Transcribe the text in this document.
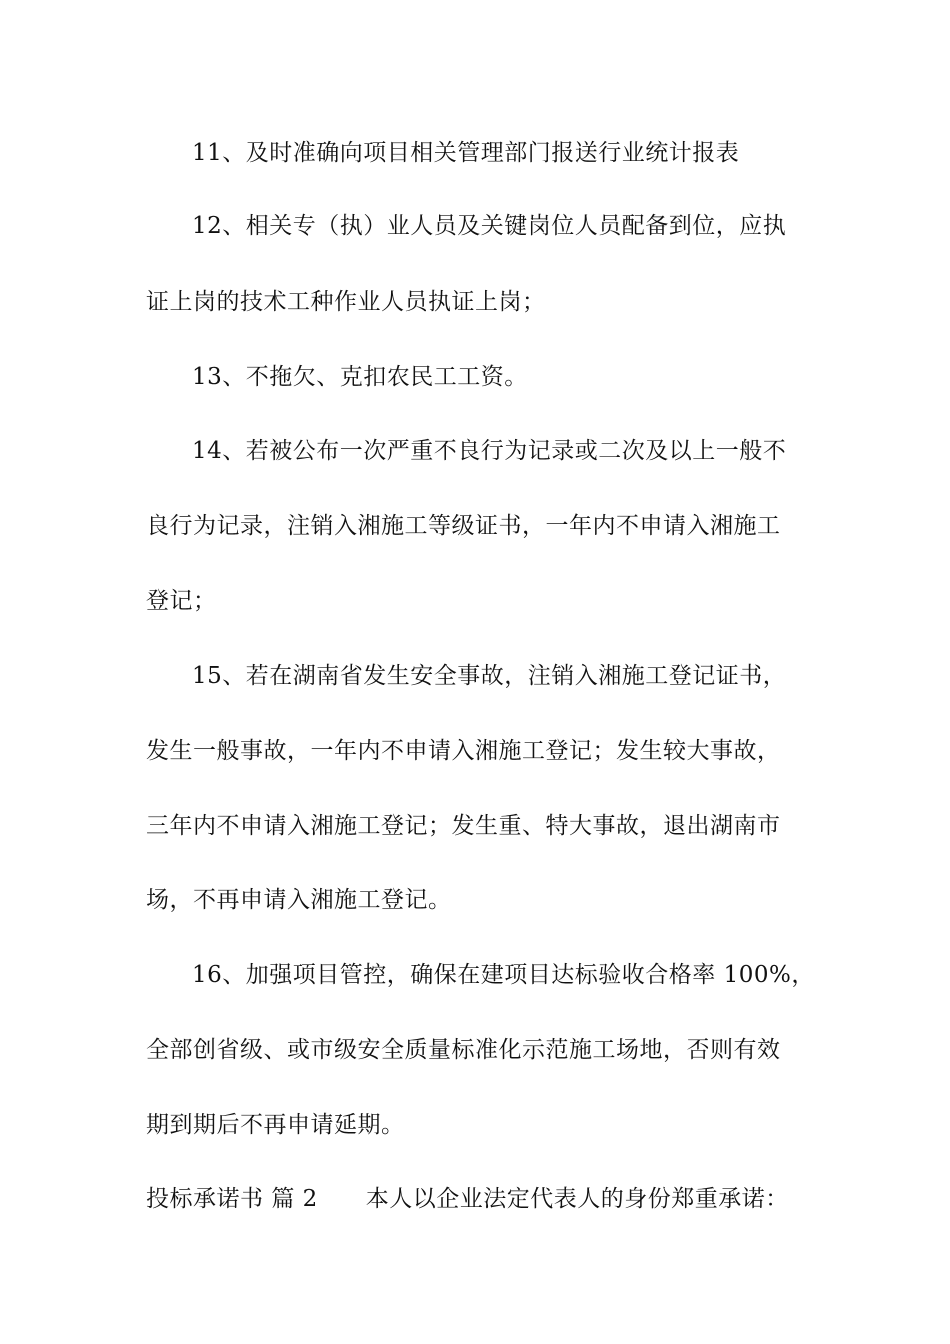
11、及时准确向项目相关管理部门报送行业统计报表
12、相关专（执）业人员及关键岗位人员配备到位，应执
证上岗的技术工种作业人员执证上岗；
13、不拖欠、克扣农民工工资。
14、若被公布一次严重不良行为记录或二次及以上一般不
良行为记录，注销入湘施工等级证书，一年内不申请入湘施工
登记；
15、若在湖南省发生安全事故，注销入湘施工登记证书，
发生一般事故，一年内不申请入湘施工登记；发生较大事故，
三年内不申请入湘施工登记；发生重、特大事故，退出湖南市
场，不再申请入湘施工登记。
16、加强项目管控，确保在建项目达标验收合格率 100%，
全部创省级、或市级安全质量标准化示范施工场地，否则有效
期到期后不再申请延期。
投标承诺书 篇 2 本人以企业法定代表人的身份郑重承诺：
